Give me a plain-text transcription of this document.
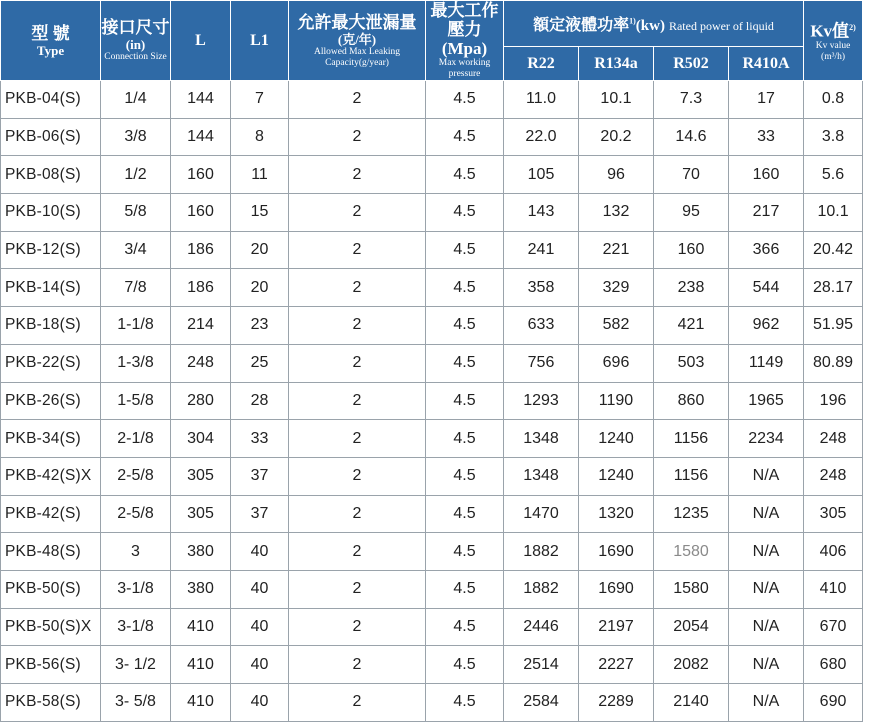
型 號
Type	接口尺寸
(in)
Connection Size	L	L1	允許最大泄漏量
(克/年)
Allowed Max Leaking Capacity(g/year)	最大工作
壓力(Mpa)
Max working pressure	額定液體功率$^{1)}$(kw) Rated power of liquid				Kv值$^{2)}$
Kv value
(m³/h)

						R22	R134a	R502	R410A	
PKB-04(S)	1/4	144	7	2	4.5	11.0	10.1	7.3	17	0.8
PKB-06(S)	3/8	144	8	2	4.5	22.0	20.2	14.6	33	3.8
PKB-08(S)	1/2	160	11	2	4.5	105	96	70	160	5.6
PKB-10(S)	5/8	160	15	2	4.5	143	132	95	217	10.1
PKB-12(S)	3/4	186	20	2	4.5	241	221	160	366	20.42
PKB-14(S)	7/8	186	20	2	4.5	358	329	238	544	28.17
PKB-18(S)	1-1/8	214	23	2	4.5	633	582	421	962	51.95
PKB-22(S)	1-3/8	248	25	2	4.5	756	696	503	1149	80.89
PKB-26(S)	1-5/8	280	28	2	4.5	1293	1190	860	1965	196
PKB-34(S)	2-1/8	304	33	2	4.5	1348	1240	1156	2234	248
PKB-42(S)X	2-5/8	305	37	2	4.5	1348	1240	1156	N/A	248
PKB-42(S)	2-5/8	305	37	2	4.5	1470	1320	1235	N/A	305
PKB-48(S)	3	380	40	2	4.5	1882	1690	1580	N/A	406
PKB-50(S)	3-1/8	380	40	2	4.5	1882	1690	1580	N/A	410
PKB-50(S)X	3-1/8	410	40	2	4.5	2446	2197	2054	N/A	670
PKB-56(S)	3- 1/2	410	40	2	4.5	2514	2227	2082	N/A	680
PKB-58(S)	3- 5/8	410	40	2	4.5	2584	2289	2140	N/A	690
